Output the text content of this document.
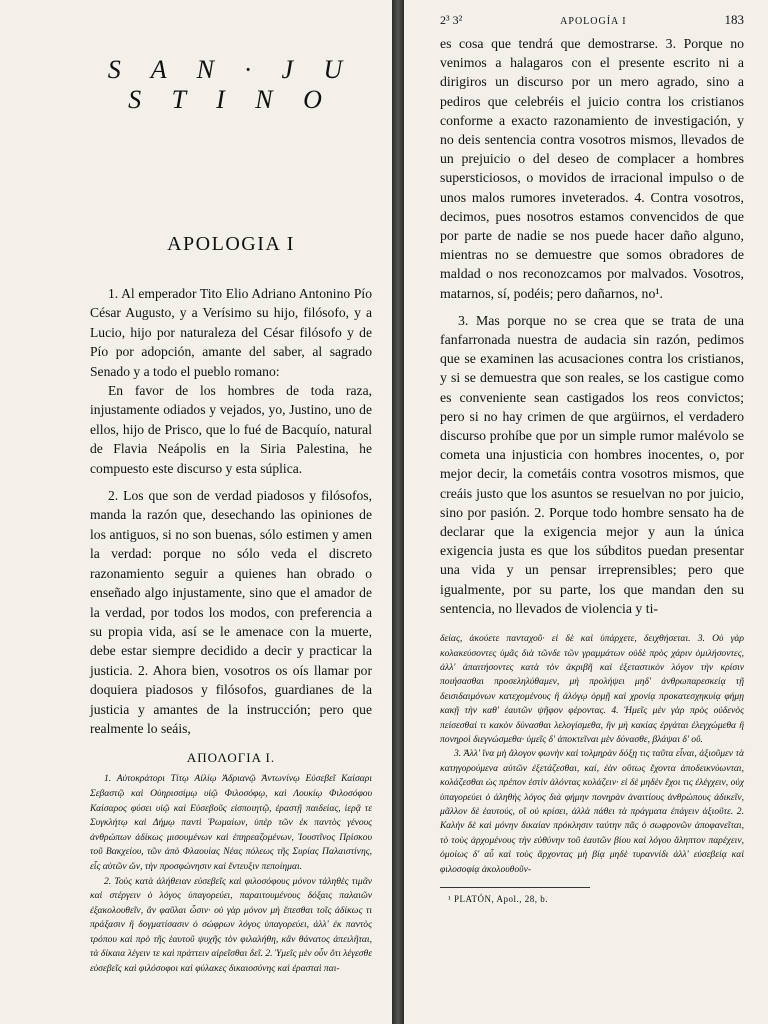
S A N · J U S T I N O
APOLOGIA I

1. Al emperador Tito Elio Adriano Antonino Pío César Augusto, y a Verísimo su hijo, filósofo, y a Lucio, hijo por naturaleza del César filósofo y de Pío por adopción, amante del saber, al sagrado Senado y a todo el pueblo romano:

En favor de los hombres de toda raza, injustamente odiados y vejados, yo, Justino, uno de ellos, hijo de Prisco, que lo fué de Bacquío, natural de Flavia Neápolis en la Siria Palestina, he compuesto este discurso y esta súplica.

2. Los que son de verdad piadosos y filósofos, manda la razón que, desechando las opiniones de los antiguos, si no son buenas, sólo estimen y amen la verdad: porque no sólo veda el discreto razonamiento seguir a quienes han obrado o enseñado algo injustamente, sino que el amador de la verdad, por todos los modos, con preferencia a su propia vida, así se le amenace con la muerte, debe estar siempre decidido a decir y practicar la justicia. 2. Ahora bien, vosotros os oís llamar por doquiera piadosos y filósofos, guardianes de la justicia y amantes de la instrucción; pero que realmente lo seáis,

ΑΠΟΛΟΓΙΑ Ι.

1. Αὐτοκράτορι Τίτῳ Αἰλίῳ Ἀδριανῷ Ἀντωνίνῳ Εὐσεβεῖ Καίσαρι Σεβαστῷ καὶ Οὐηρισσίμῳ υἱῷ Φιλοσόφῳ, καὶ Λουκίῳ Φιλοσόφου Καίσαρος φύσει υἱῷ καὶ Εὐσεβοῦς εἰσποιητῷ, ἐραστῇ παιδείας, ἱερᾷ τε Συγκλήτῳ καὶ Δήμῳ παντὶ Ῥωμαίων, ὑπὲρ τῶν ἐκ παντὸς γένους ἀνθρώπων ἀδίκως μισουμένων καὶ ἐπηρεαζομένων, Ἰουστῖνος Πρίσκου τοῦ Βακχείου, τῶν ἀπὸ Φλαουίας Νέας πόλεως τῆς Συρίας Παλαιστίνης, εἷς αὐτῶν ὤν, τὴν προσφώνησιν καὶ ἔντευξιν πεποίημαι.

2. Τοὺς κατὰ ἀλήθειαν εὐσεβεῖς καὶ φιλοσόφους μόνον τἀληθὲς τιμᾶν καὶ στέργειν ὁ λόγος ὑπαγορεύει, παραιτουμένους δόξαις παλαιῶν ἐξακολουθεῖν, ἂν φαῦλαι ὦσιν· οὐ γὰρ μόνον μὴ ἕπεσθαι τοῖς ἀδίκως τι πράξασιν ἢ δογματίσασιν ὁ σώφρων λόγος ὑπαγορεύει, ἀλλ' ἐκ παντὸς τρόπου καὶ πρὸ τῆς ἑαυτοῦ ψυχῆς τὸν φιλαλήθη, κἂν θάνατος ἀπειλῆται, τὰ δίκαια λέγειν τε καὶ πράττειν αἱρεῖσθαι δεῖ. 2. Ὑμεῖς μὲν οὖν ὅτι λέγεσθε εὐσεβεῖς καὶ φιλόσοφοι καὶ φύλακες δικαιοσύνης καὶ ἐρασταὶ παι-

2³ 3²	APOLOGÍA I	183

es cosa que tendrá que demostrarse. 3. Porque no venimos a halagaros con el presente escrito ni a dirigiros un discurso por un mero agrado, sino a pediros que celebréis el juicio contra los cristianos conforme a exacto razonamiento de investigación, y no deis sentencia contra vosotros mismos, llevados de un prejuicio o del deseo de complacer a hombres supersticiosos, o movidos de irracional impulso o de unos malos rumores inveterados. 4. Contra vosotros, decimos, pues nosotros estamos convencidos de que por parte de nadie se nos puede hacer daño alguno, mientras no se demuestre que somos obradores de maldad o nos reconozcamos por malvados. Vosotros, matarnos, sí, podéis; pero dañarnos, no¹.

3. Mas porque no se crea que se trata de una fanfarronada nuestra de audacia sin razón, pedimos que se examinen las acusaciones contra los cristianos, y si se demuestra que son reales, se los castigue como es conveniente sean castigados los reos convictos; pero si no hay crimen de que argüirnos, el verdadero discurso prohíbe que por un simple rumor malévolo se cometa una injusticia con hombres inocentes, o, por mejor decir, la cometáis contra vosotros mismos, que creáis justo que los asuntos se resuelvan no por juicio, sino por pasión. 2. Porque todo hombre sensato ha de declarar que la exigencia mejor y aun la única exigencia justa es que los súbditos puedan presentar una vida y un pensar irreprensibles; pero que igualmente, por su parte, los que mandan den su sentencia, no llevados de violencia y ti-

δείας, ἀκούετε πανταχοῦ· εἰ δὲ καὶ ὑπάρχετε, δειχθήσεται. 3. Οὐ γὰρ κολακεύσοντες ὑμᾶς διὰ τῶνδε τῶν γραμμάτων οὐδὲ πρὸς χάριν ὁμιλήσοντες, ἀλλ' ἀπαιτήσοντες κατὰ τὸν ἀκριβῆ καὶ ἐξεταστικὸν λόγον τὴν κρίσιν ποιήσασθαι προσεληλύθαμεν, μὴ προλήψει μηδ' ἀνθρωπαρεσκείᾳ τῇ δεισιδαιμόνων κατεχομένους ἢ ἀλόγῳ ὁρμῇ καὶ χρονίᾳ προκατεσχηκυίᾳ φήμῃ κακῇ τὴν καθ' ἑαυτῶν ψῆφον φέροντας. 4. Ἡμεῖς μὲν γὰρ πρὸς οὐδενὸς πείσεσθαί τι κακὸν δύνασθαι λελογίσμεθα, ἢν μὴ κακίας ἐργάται ἐλεγχώμεθα ἢ πονηροὶ διεγνώσμεθα· ὑμεῖς δ' ἀποκτεῖναι μὲν δύνασθε, βλάψαι δ' οὔ.

3. Ἀλλ' ἵνα μὴ ἄλογον φωνὴν καὶ τολμηρὰν δόξῃ τις ταῦτα εἶναι, ἀξιοῦμεν τὰ κατηγορούμενα αὐτῶν ἐξετάζεσθαι, καί, ἐὰν οὕτως ἔχοντα ἀποδεικνύωνται, κολάζεσθαι ὡς πρέπον ἐστὶν ἀλόντας κολάζειν· εἰ δὲ μηδὲν ἔχοι τις ἐλέγχειν, οὐχ ὑπαγορεύει ὁ ἀληθὴς λόγος διὰ φήμην πονηρὰν ἀναιτίους ἀνθρώπους ἀδικεῖν, μᾶλλον δὲ ἑαυτούς, οἳ οὐ κρίσει, ἀλλὰ πάθει τὰ πράγματα ἐπάγειν ἀξιοῦτε. 2. Καλὴν δὲ καὶ μόνην δικαίαν πρόκλησιν ταύτην πᾶς ὁ σωφρονῶν ἀποφανεῖται, τὸ τοὺς ἀρχομένους τὴν εὐθύνην τοῦ ἑαυτῶν βίου καὶ λόγου ἄληπτον παρέχειν, ὁμοίως δ' αὖ καὶ τοὺς ἄρχοντας μὴ βίᾳ μηδὲ τυραννίδι ἀλλ' εὐσεβείᾳ καὶ φιλοσοφίᾳ ἀκολουθοῦν-

¹ PLATÓN, Apol., 28, b.
